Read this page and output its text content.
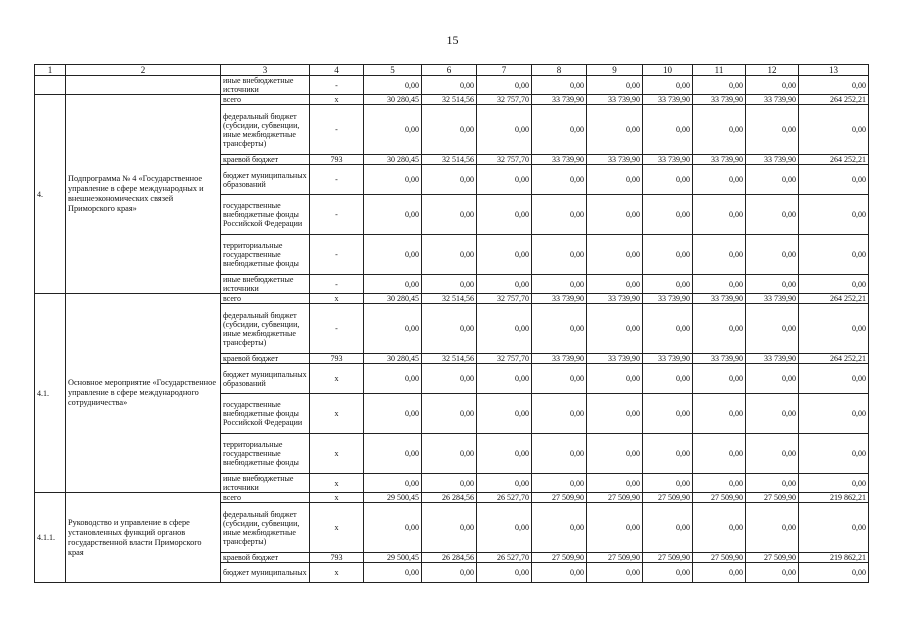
15
1	2	3	4	5	6	7	8	9	10	11	12	13
		иные внебюджетные источники	-	0,00	0,00	0,00	0,00	0,00	0,00	0,00	0,00	0,00
4.	Подпрограмма № 4 «Государственное управление в сфере международных и внешнеэкономических связей Приморского края»	всего	x	30 280,45	32 514,56	32 757,70	33 739,90	33 739,90	33 739,90	33 739,90	33 739,90	264 252,21
		федеральный бюджет (субсидии, субвенции, иные межбюджетные трансферты)	-	0,00	0,00	0,00	0,00	0,00	0,00	0,00	0,00	0,00
		краевой бюджет	793	30 280,45	32 514,56	32 757,70	33 739,90	33 739,90	33 739,90	33 739,90	33 739,90	264 252,21
		бюджет муниципальных образований	-	0,00	0,00	0,00	0,00	0,00	0,00	0,00	0,00	0,00
		государственные внебюджетные фонды Российской Федерации	-	0,00	0,00	0,00	0,00	0,00	0,00	0,00	0,00	0,00
		территориальные государственные внебюджетные фонды	-	0,00	0,00	0,00	0,00	0,00	0,00	0,00	0,00	0,00
		иные внебюджетные источники	-	0,00	0,00	0,00	0,00	0,00	0,00	0,00	0,00	0,00
4.1.	Основное мероприятие «Государственное управление в сфере международного сотрудничества»	всего	x	30 280,45	32 514,56	32 757,70	33 739,90	33 739,90	33 739,90	33 739,90	33 739,90	264 252,21
		федеральный бюджет (субсидии, субвенции, иные межбюджетные трансферты)	-	0,00	0,00	0,00	0,00	0,00	0,00	0,00	0,00	0,00
		краевой бюджет	793	30 280,45	32 514,56	32 757,70	33 739,90	33 739,90	33 739,90	33 739,90	33 739,90	264 252,21
		бюджет муниципальных образований	x	0,00	0,00	0,00	0,00	0,00	0,00	0,00	0,00	0,00
		государственные внебюджетные фонды Российской Федерации	x	0,00	0,00	0,00	0,00	0,00	0,00	0,00	0,00	0,00
		территориальные государственные внебюджетные фонды	x	0,00	0,00	0,00	0,00	0,00	0,00	0,00	0,00	0,00
		иные внебюджетные источники	x	0,00	0,00	0,00	0,00	0,00	0,00	0,00	0,00	0,00
4.1.1.	Руководство и управление в сфере установленных функций органов государственной власти Приморского края	всего	x	29 500,45	26 284,56	26 527,70	27 509,90	27 509,90	27 509,90	27 509,90	27 509,90	219 862,21
		федеральный бюджет (субсидии, субвенции, иные межбюджетные трансферты)	x	0,00	0,00	0,00	0,00	0,00	0,00	0,00	0,00	0,00
		краевой бюджет	793	29 500,45	26 284,56	26 527,70	27 509,90	27 509,90	27 509,90	27 509,90	27 509,90	219 862,21
		бюджет муниципальных	x	0,00	0,00	0,00	0,00	0,00	0,00	0,00	0,00	0,00
